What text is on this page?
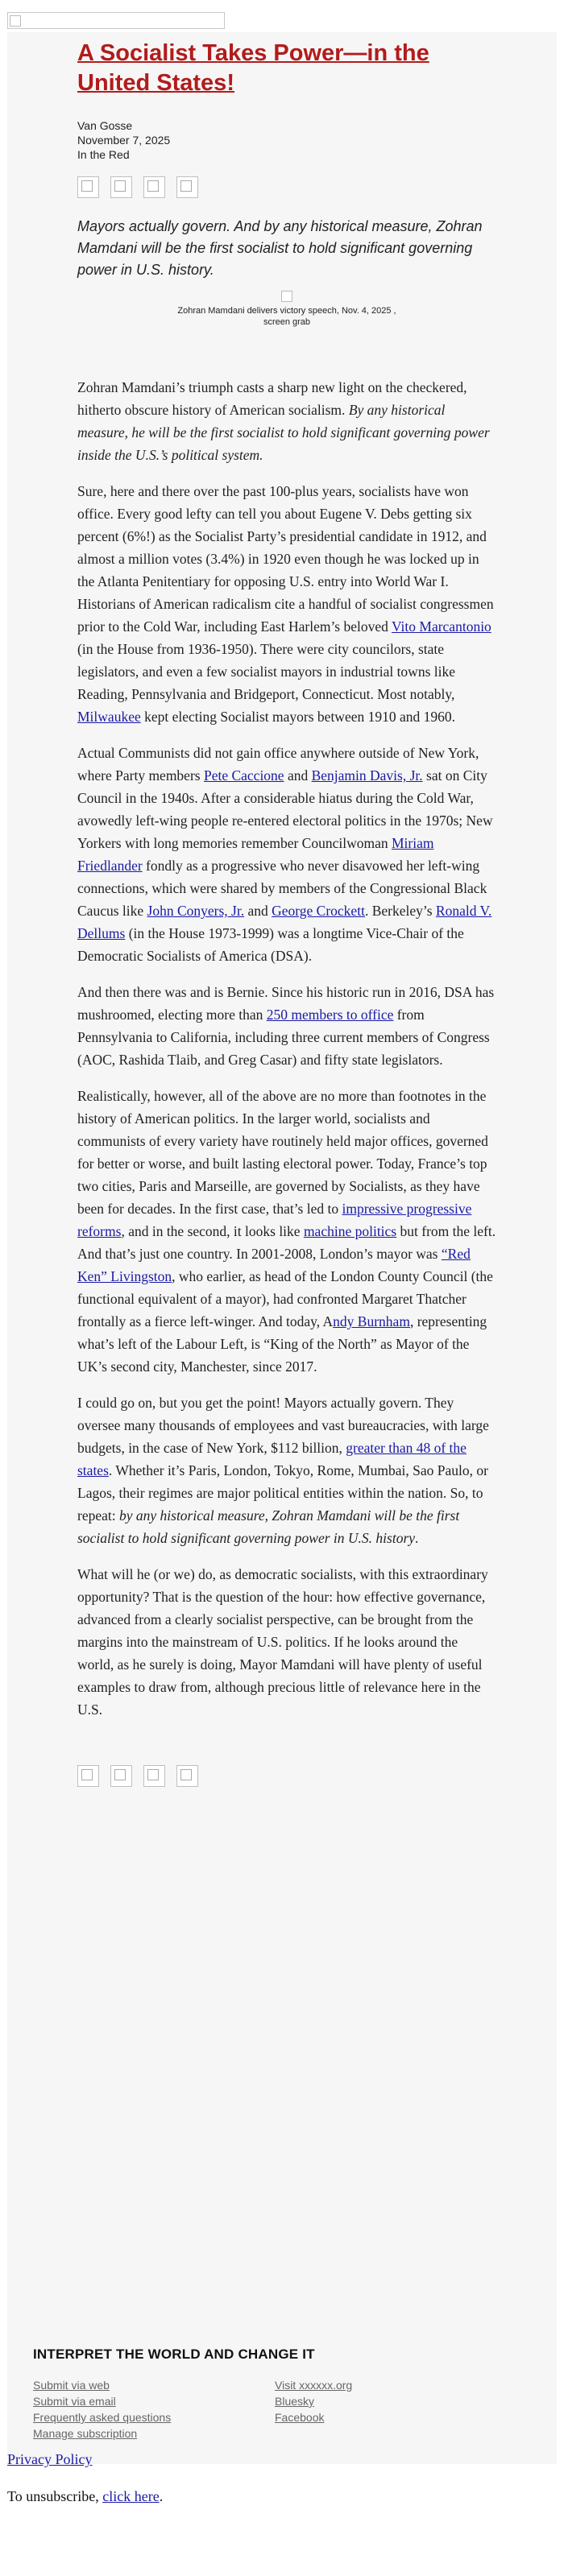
A Socialist Takes Power—in the United States!
Van Gosse
November 7, 2025
In the Red
Mayors actually govern. And by any historical measure, Zohran Mamdani will be the first socialist to hold significant governing power in U.S. history.
Zohran Mamdani delivers victory speech, Nov. 4, 2025 , screen grab

Zohran Mamdani’s triumph casts a sharp new light on the checkered, hitherto obscure history of American socialism. By any historical measure, he will be the first socialist to hold significant governing power inside the U.S.’s political system.

Sure, here and there over the past 100-plus years, socialists have won office. Every good lefty can tell you about Eugene V. Debs getting six percent (6%!) as the Socialist Party’s presidential candidate in 1912, and almost a million votes (3.4%) in 1920 even though he was locked up in the Atlanta Penitentiary for opposing U.S. entry into World War I. Historians of American radicalism cite a handful of socialist congressmen prior to the Cold War, including East Harlem’s beloved Vito Marcantonio (in the House from 1936-1950). There were city councilors, state legislators, and even a few socialist mayors in industrial towns like Reading, Pennsylvania and Bridgeport, Connecticut. Most notably, Milwaukee kept electing Socialist mayors between 1910 and 1960.

Actual Communists did not gain office anywhere outside of New York, where Party members Pete Caccione and Benjamin Davis, Jr. sat on City Council in the 1940s. After a considerable hiatus during the Cold War, avowedly left-wing people re-entered electoral politics in the 1970s; New Yorkers with long memories remember Councilwoman Miriam Friedlander fondly as a progressive who never disavowed her left-wing connections, which were shared by members of the Congressional Black Caucus like John Conyers, Jr. and George Crockett. Berkeley’s Ronald V. Dellums (in the House 1973-1999) was a longtime Vice-Chair of the Democratic Socialists of America (DSA).

And then there was and is Bernie. Since his historic run in 2016, DSA has mushroomed, electing more than 250 members to office from Pennsylvania to California, including three current members of Congress (AOC, Rashida Tlaib, and Greg Casar) and fifty state legislators.

Realistically, however, all of the above are no more than footnotes in the history of American politics. In the larger world, socialists and communists of every variety have routinely held major offices, governed for better or worse, and built lasting electoral power. Today, France’s top two cities, Paris and Marseille, are governed by Socialists, as they have been for decades. In the first case, that’s led to impressive progressive reforms, and in the second, it looks like machine politics but from the left. And that’s just one country. In 2001-2008, London’s mayor was “Red Ken” Livingston, who earlier, as head of the London County Council (the functional equivalent of a mayor), had confronted Margaret Thatcher frontally as a fierce left-winger. And today, Andy Burnham, representing what’s left of the Labour Left, is “King of the North” as Mayor of the UK’s second city, Manchester, since 2017.

I could go on, but you get the point! Mayors actually govern. They oversee many thousands of employees and vast bureaucracies, with large budgets, in the case of New York, $112 billion, greater than 48 of the states. Whether it’s Paris, London, Tokyo, Rome, Mumbai, Sao Paulo, or Lagos, their regimes are major political entities within the nation. So, to repeat: by any historical measure, Zohran Mamdani will be the first socialist to hold significant governing power in U.S. history.

What will he (or we) do, as democratic socialists, with this extraordinary opportunity? That is the question of the hour: how effective governance, advanced from a clearly socialist perspective, can be brought from the margins into the mainstream of U.S. politics. If he looks around the world, as he surely is doing, Mayor Mamdani will have plenty of useful examples to draw from, although precious little of relevance here in the U.S.

INTERPRET THE WORLD AND CHANGE IT
Submit via web
Submit via email
Frequently asked questions
Manage subscription
Visit xxxxxx.org
Bluesky
Facebook
Privacy Policy
To unsubscribe, click here.
